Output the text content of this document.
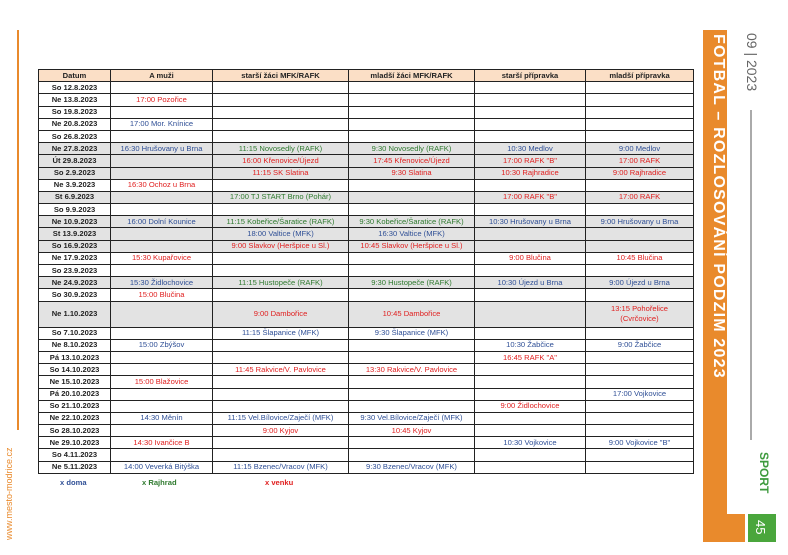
www.mesto-modrice.cz
Datum	A muži	starší žáci MFK/RAFK	mladší žáci MFK/RAFK	starší přípravka	mladší přípravka
So 12.8.2023					
Ne 13.8.2023	17:00 Pozořice				
So 19.8.2023					
Ne 20.8.2023	17:00 Mor. Knínice				
So 26.8.2023					
Ne 27.8.2023	16:30 Hrušovany u Brna	11:15 Novosedly (RAFK)	9:30 Novosedly (RAFK)	10:30 Medlov	9:00 Medlov
Út 29.8.2023		16:00 Křenovice/Újezd	17:45 Křenovice/Újezd	17:00 RAFK "B"	17:00 RAFK
So 2.9.2023		11:15 SK Slatina	9:30 Slatina	10:30 Rajhradice	9:00 Rajhradice
Ne 3.9.2023	16:30 Ochoz u Brna				
St 6.9.2023		17:00 TJ START Brno (Pohár)		17:00 RAFK "B"	17:00 RAFK
So 9.9.2023					
Ne 10.9.2023	16:00 Dolní Kounice	11:15 Kobeřice/Šaratice (RAFK)	9:30 Kobeřice/Šaratice (RAFK)	10:30 Hrušovany u Brna	9:00 Hrušovany u Brna
St 13.9.2023		18:00 Valtice (MFK)	16:30 Valtice (MFK)		
So 16.9.2023		9:00 Slavkov (Heršpice u Sl.)	10:45 Slavkov (Heršpice u Sl.)		
Ne 17.9.2023	15:30 Kupařovice			9:00 Blučina	10:45 Blučina
So 23.9.2023					
Ne 24.9.2023	15:30 Židlochovice	11:15 Hustopeče (RAFK)	9:30 Hustopeče (RAFK)	10:30 Újezd u Brna	9:00 Újezd u Brna
So 30.9.2023	15:00 Blučina				
Ne 1.10.2023		9:00 Dambořice	10:45 Dambořice		13:15 Pohořelice
(Cvrčovice)

So 7.10.2023		11:15 Šlapanice (MFK)	9:30 Šlapanice (MFK)		
Ne 8.10.2023	15:00 Zbýšov			10:30 Žabčice	9:00 Žabčice
Pá 13.10.2023				16:45 RAFK "A"	
So 14.10.2023		11:45 Rakvice/V. Pavlovice	13:30 Rakvice/V. Pavlovice		
Ne 15.10.2023	15:00 Blažovice				
Pá 20.10.2023					17:00 Vojkovice
So 21.10.2023				9:00 Židlochovice	
Ne 22.10.2023	14:30 Měnín	11:15 Vel.Bílovice/Zaječí (MFK)	9:30 Vel.Bílovice/Zaječí (MFK)		
So 28.10.2023		9:00 Kyjov	10:45 Kyjov		
Ne 29.10.2023	14:30 Ivančice B			10:30 Vojkovice	9:00 Vojkovice "B"
So 4.11.2023					
Ne 5.11.2023	14:00 Veverká Bitýška	11:15 Bzenec/Vracov (MFK)	9:30 Bzenec/Vracov (MFK)		
x doma	x Rajhrad	x venku
FOTBAL – ROZLOSOVÁNÍ PODZIM 2023 09 | 2023
SPORT
45
